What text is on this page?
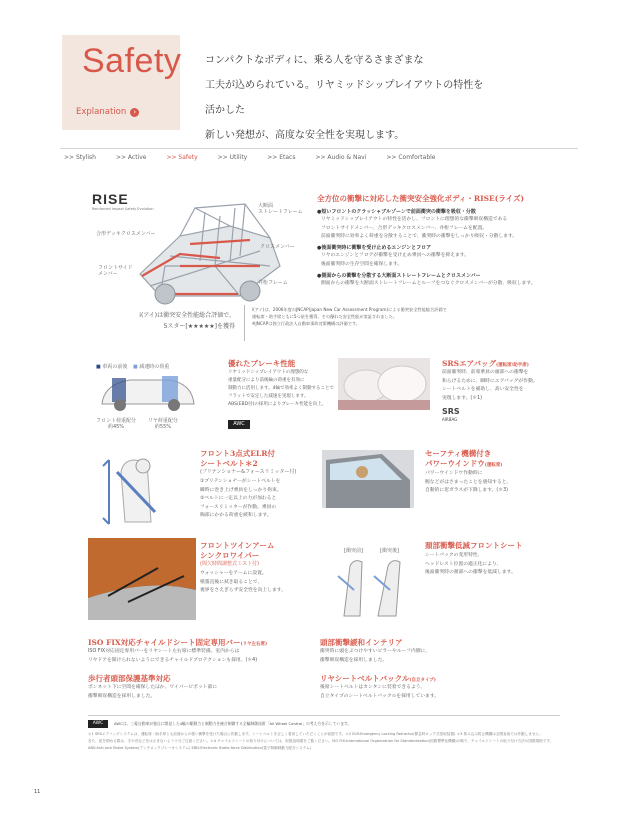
Safety
Explanation	›
コンパクトなボディに、乗る人を守るさまざまな
工夫が込められている。リヤミッドシップレイアウトの特性を活かした
新しい発想が、高度な安全性を実現します。
>> Stylish	>> Active	>> Safety	>> Utility	>> Etacs	>> Audio & Navi	>> Comfortable
RISE
Reinforced Impact Safety Evolution	大断面
ストレートフレーム
合形デッキクロスメンバー
クロスメンバー
フロントサイド
メンバー
井桁フレーム
全方位の衝撃に対応した衝突安全強化ボディ・RISE(ライズ)
●短いフロントのクラッシャブルゾーンで前面衝突の衝撃を吸収・分散
リヤミッドシップレイアウトの特性を活かし、フロントに理想的な衝撃吸収構造である
フロントサイドメンバー、合形デッキクロスメンバー、井桁フレームを配置。
前面衝突時に効率よく荷重を分散することで、衝突時の衝撃をしっかり吸収・分散します。
●後面衝突時に衝撃を受け止めるエンジンとフロア
リヤのエンジンとフロアが衝撃を受け止め乗員への衝撃を抑えます。
後面衝突時の生存空間を確保します。
●側面からの衝撃を分散する大断面ストレートフレームとクロスメンバー
側面からの衝撃を大断面ストレートフレームとルーフをつなぐクロスメンバーが分散、吸収します。
i(アイ)は衝突安全性能総合評価で、
5スター[★★★★★]を獲得
i(アイ)は、2006年度のJNCAP(Japan New Car Assessment Program)による衝突安全性能総合評価で
運転席・助手席ともに5つ星を獲得。その優れた安全性能が実証されました。
※JNCAPは独立行政法人自動車事故対策機構の評価です。
■ 車両の前後 ■ 減速時の荷重
フロント荷重配分
約45%
リヤ荷重配分
約55%
優れたブレーキ性能
リヤミッドシップレイアウトの理想的な
重量配分により前後輪の荷重を有効に
制動力に活用します。4輪で効率よく制動することで
フラットで安定した減速を実現します。
ABS(EBD付)の採用によりブレーキ性能を向上。
AWC
SRSエアバッグ(運転席/助手席)
前面衝突時、前席乗員の頭部への衝撃を
和らげるために、瞬時にエアバッグが作動。
シートベルトを補助し、高い安全性を
実現します。(＊1)
SRS
AIRBAG
フロント3点式ELR付
シートベルト＊2
(プリテンショナー&フォースリミッター付)
①プリテンショナーがシートベルトを
瞬時に巻き上げ乗員をしっかり拘束。
②ベルトに一定以上の力が加わると
フォースリミッターが作動。乗員の
胸部にかかる荷重を緩和します。
セーフティ機構付き
パワーウインドウ(運転席)
パワーウインドウ作動時に
腕などがはさまったことを感知すると、
自動的に窓ガラスが下降します。(＊3)
フロントツインアーム
シンクロワイパー
(間欠時間調整式ミスト付)
ウォッシャーをアームに設置。
噴霧直後に拭き取ることで、
視界をさえぎらず安全性を向上します。
[衝突前]	[衝突後]
頚部衝撃低減フロントシート
シートバックの変形特性、
ヘッドレスト位置の適正化により、
後面衝突時の頚部への衝撃を低減します。
ISO FIX対応チャイルドシート固定専用バー(リヤ左右席)
ISO FIX対応固定専用バーをリヤシート左右席に標準装備。室内からは
リヤドアを開けられないようにできるチャイルドプロテクションも採用。(＊4)
歩行者頭部保護基準対応
ボンネット下に空間を確保したほか、ワイパーピボット部に
衝撃吸収構造を採用しました。
頭部衝撃緩和インテリア
衝突時に頭をぶつけやすいピラーやルーフ内側に、
衝撃吸収構造を採用しました。
リヤシートベルトバックル(自立タイプ)
後席シートベルトはカンタンに装着できるよう、
自立タイプのシートベルトバックルを採用しています。
AWC	AWCは、三菱自動車が独自に開発した4輪の駆動力と制動力を統合制御する全輪制御技術「All Wheel Control」の考え方を示しています。
＊1 SRSエアバッグシステムは、運転席・助手席とも前面からの強い衝撃を受けた場合に作動します。シートベルトを正しく着用していただくことが前提です。＊2 ELR:Emergency Locking Retractor(緊急時ロック式巻取装置) ＊3 挟み込み防止機構は全閉直前では作動しません。
また、窓を閉める際は、手や首などをはさまないよう十分ご注意ください。＊4 チャイルドシートの取り付けについては、取扱説明書をご覧ください。ISO FIX:International Organization for Standardization(国際標準化機構)の略で、チャイルドシートの取り付け方法の国際規格です。
ABS:Anti-lock Brake System(アンチロックブレーキシステム) EBD:Electronic Brake-force Distribution(電子制御制動力配分システム)
11
